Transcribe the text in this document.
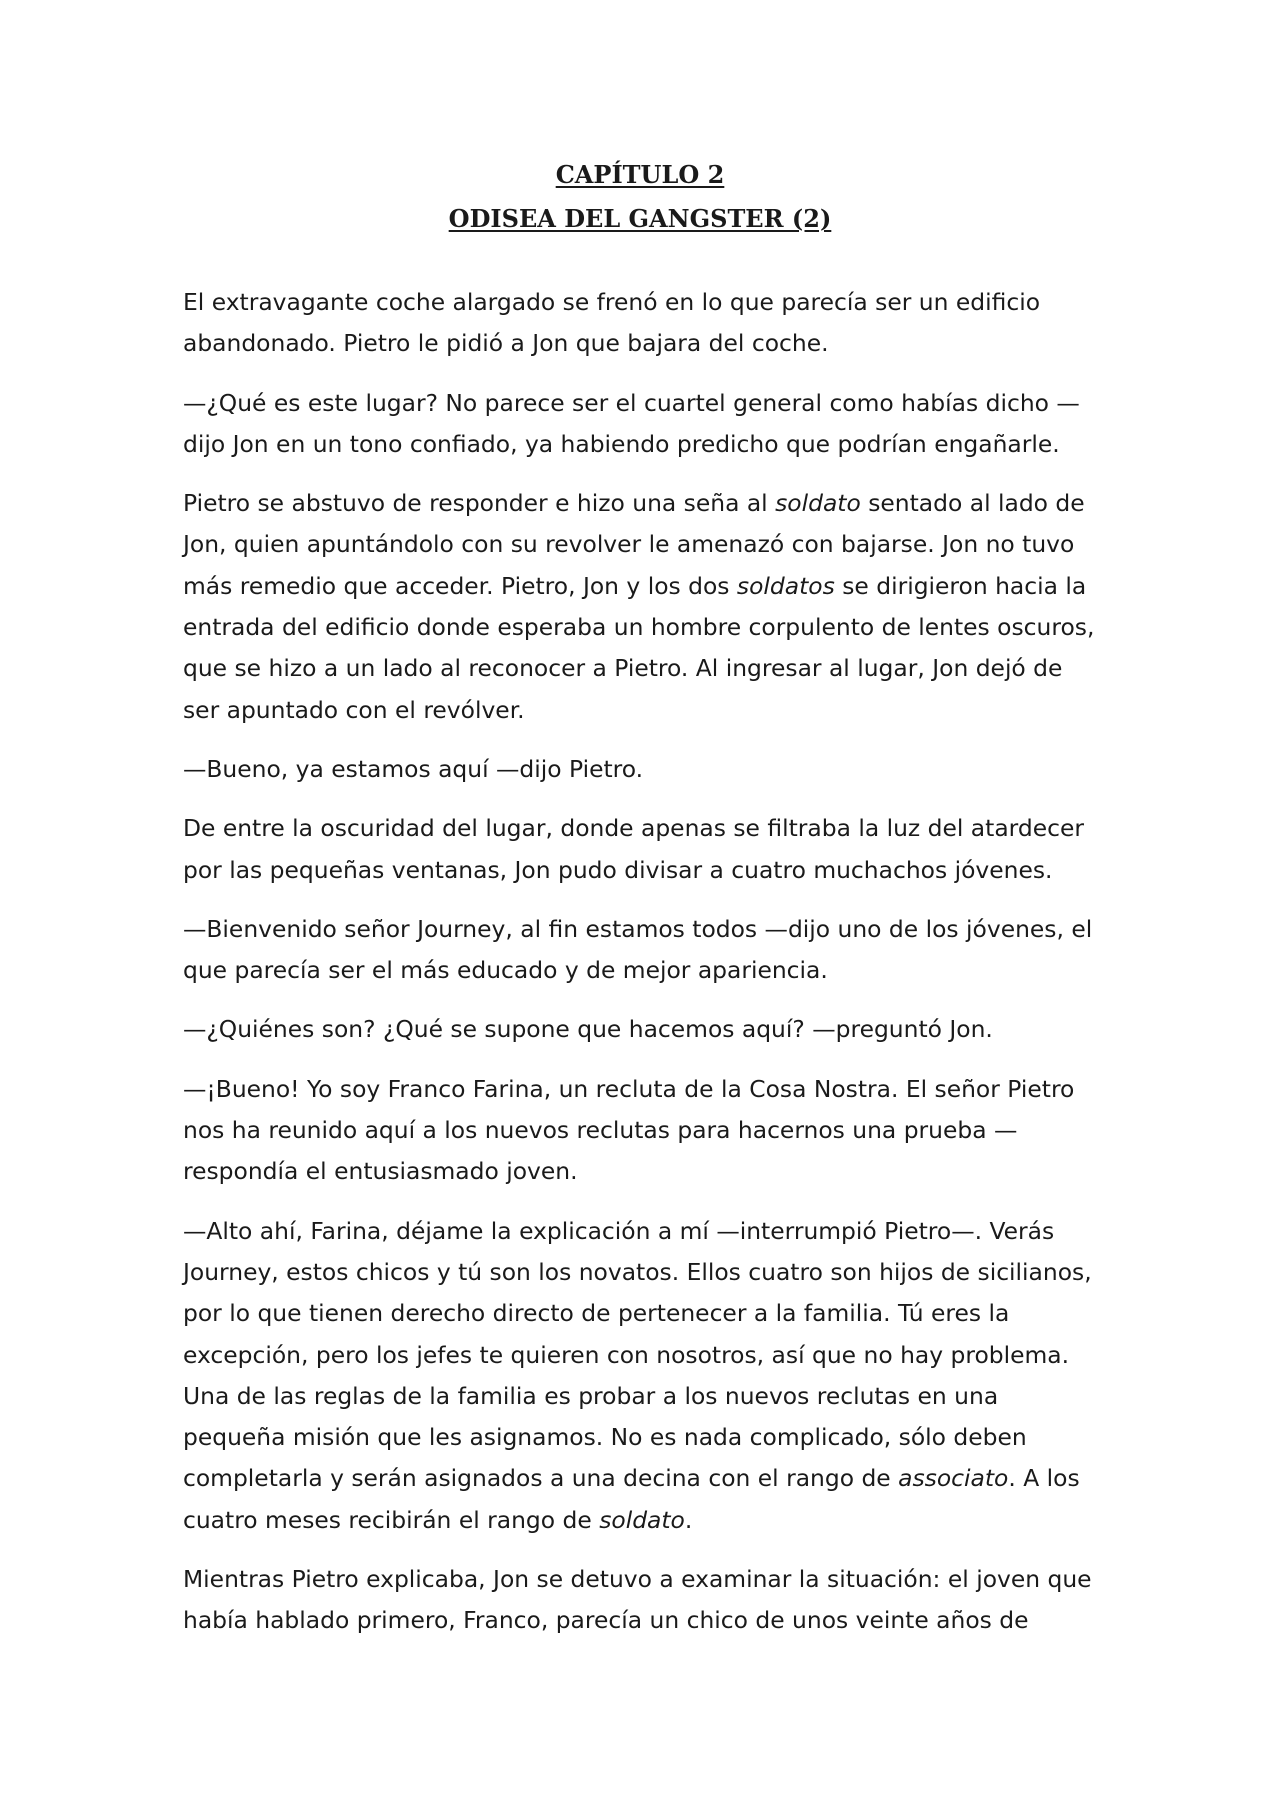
CAPÍTULO 2
ODISEA DEL GANGSTER (2)

El extravagante coche alargado se frenó en lo que parecía ser un edificio abandonado. Pietro le pidió a Jon que bajara del coche.

—¿Qué es este lugar? No parece ser el cuartel general como habías dicho —dijo Jon en un tono confiado, ya habiendo predicho que podrían engañarle.

Pietro se abstuvo de responder e hizo una seña al soldato sentado al lado de Jon, quien apuntándolo con su revolver le amenazó con bajarse. Jon no tuvo más remedio que acceder. Pietro, Jon y los dos soldatos se dirigieron hacia la entrada del edificio donde esperaba un hombre corpulento de lentes oscuros, que se hizo a un lado al reconocer a Pietro. Al ingresar al lugar, Jon dejó de ser apuntado con el revólver.

—Bueno, ya estamos aquí —dijo Pietro.

De entre la oscuridad del lugar, donde apenas se filtraba la luz del atardecer por las pequeñas ventanas, Jon pudo divisar a cuatro muchachos jóvenes.

—Bienvenido señor Journey, al fin estamos todos —dijo uno de los jóvenes, el que parecía ser el más educado y de mejor apariencia.

—¿Quiénes son? ¿Qué se supone que hacemos aquí? —preguntó Jon.

—¡Bueno! Yo soy Franco Farina, un recluta de la Cosa Nostra. El señor Pietro nos ha reunido aquí a los nuevos reclutas para hacernos una prueba —respondía el entusiasmado joven.

—Alto ahí, Farina, déjame la explicación a mí —interrumpió Pietro—. Verás Journey, estos chicos y tú son los novatos. Ellos cuatro son hijos de sicilianos, por lo que tienen derecho directo de pertenecer a la familia. Tú eres la excepción, pero los jefes te quieren con nosotros, así que no hay problema. Una de las reglas de la familia es probar a los nuevos reclutas en una pequeña misión que les asignamos. No es nada complicado, sólo deben completarla y serán asignados a una decina con el rango de associato. A los cuatro meses recibirán el rango de soldato.

Mientras Pietro explicaba, Jon se detuvo a examinar la situación: el joven que había hablado primero, Franco, parecía un chico de unos veinte años de
